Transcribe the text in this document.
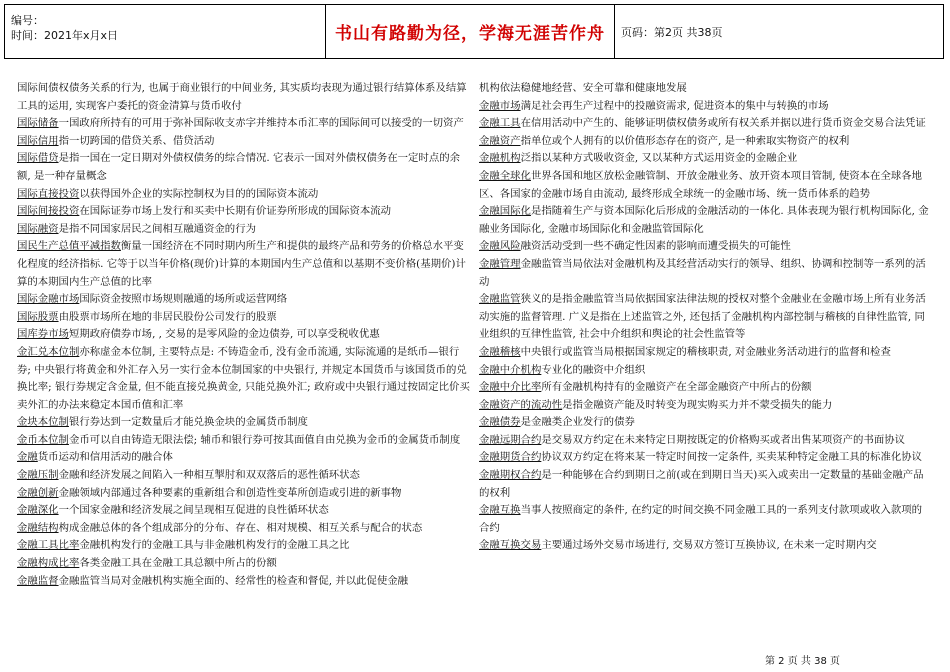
编号：
时间：2021年x月x日	书山有路勤为径，学海无涯苦作舟	页码：第2页 共38页

国际间债权债务关系的行为, 也属于商业银行的中间业务, 其实质均表现为通过银行结算体系及结算工具的运用, 实现客户委托的资金清算与货币收付

国际储备一国政府所持有的可用于弥补国际收支赤字并维持本币汇率的国际间可以接受的一切资产

国际信用指一切跨国的借贷关系、借贷活动

国际借贷是指一国在一定日期对外债权债务的综合情况. 它表示一国对外债权债务在一定时点的余额, 是一种存量概念

国际直接投资以获得国外企业的实际控制权为目的的国际资本流动

国际间接投资在国际证券市场上发行和买卖中长期有价证券所形成的国际资本流动

国际融资是指不同国家居民之间相互融通资金的行为

国民生产总值平减指数衡量一国经济在不同时期内所生产和提供的最终产品和劳务的价格总水平变化程度的经济指标. 它等于以当年价格(现价)计算的本期国内生产总值和以基期不变价格(基期价)计算的本期国内生产总值的比率

国际金融市场国际资金按照市场规则融通的场所或运营网络

国际股票由股票市场所在地的非居民股份公司发行的股票

国库券市场短期政府债券市场, , 交易的是零风险的金边债券, 可以享受税收优惠

金汇兑本位制亦称虚金本位制, 主要特点是: 不铸造金币, 没有金币流通, 实际流通的是纸币—银行券; 中央银行将黄金和外汇存入另一实行金本位制国家的中央银行, 并规定本国货币与该国货币的兑换比率; 银行券规定含金量, 但不能直接兑换黄金, 只能兑换外汇; 政府或中央银行通过按固定比价买卖外汇的办法来稳定本国币值和汇率

金块本位制银行券达到一定数量后才能兑换金块的金属货币制度

金币本位制金币可以自由铸造无限法偿; 辅币和银行券可按其面值自由兑换为金币的金属货币制度

金融货币运动和信用活动的融合体

金融压制金融和经济发展之间陷入一种相互掣肘和双双落后的恶性循环状态

金融创新金融领域内部通过各种要素的重新组合和创造性变革所创造或引进的新事物

金融深化一个国家金融和经济发展之间呈现相互促进的良性循环状态

金融结构构成金融总体的各个组成部分的分布、存在、相对规模、相互关系与配合的状态

金融工具比率金融机构发行的金融工具与非金融机构发行的金融工具之比

金融构成比率各类金融工具在金融工具总额中所占的份额

金融监督金融监管当局对金融机构实施全面的、经常性的检查和督促, 并以此促使金融

机构依法稳健地经营、安全可靠和健康地发展

金融市场满足社会再生产过程中的投融资需求, 促进资本的集中与转换的市场

金融工具在信用活动中产生的、能够证明债权债务或所有权关系并据以进行货币资金交易合法凭证

金融资产指单位或个人拥有的以价值形态存在的资产, 是一种索取实物资产的权利

金融机构泛指以某种方式吸收资金, 又以某种方式运用资金的金融企业

金融全球化世界各国和地区放松金融管制、开放金融业务、放开资本项目管制, 使资本在全球各地区、各国家的金融市场自由流动, 最终形成全球统一的金融市场、统一货币体系的趋势

金融国际化是指随着生产与资本国际化后形成的金融活动的一体化. 具体表现为银行机构国际化, 金融业务国际化, 金融市场国际化和金融监管国际化

金融风险融资活动受到一些不确定性因素的影响而遭受损失的可能性

金融管理金融监管当局依法对金融机构及其经营活动实行的领导、组织、协调和控制等一系列的活动

金融监管狭义的是指金融监管当局依据国家法律法规的授权对整个金融业在金融市场上所有业务活动实施的监督管理. 广义是指在上述监管之外, 还包括了金融机构内部控制与稽核的自律性监管, 同业组织的互律性监管, 社会中介组织和舆论的社会性监管等

金融稽核中央银行或监管当局根据国家规定的稽核职责, 对金融业务活动进行的监督和检查

金融中介机构专业化的融资中介组织

金融中介比率所有金融机构持有的金融资产在全部金融资产中所占的份额

金融资产的流动性是指金融资产能及时转变为现实购买力并不蒙受损失的能力

金融债券是金融类企业发行的债券

金融远期合约是交易双方约定在未来特定日期按既定的价格购买或者出售某项资产的书面协议

金融期货合约协议双方约定在将来某一特定时间按一定条件, 买卖某种特定金融工具的标准化协议

金融期权合约是一种能够在合约到期日之前(或在到期日当天)买入或卖出一定数量的基础金融产品的权利

金融互换当事人按照商定的条件, 在约定的时间交换不同金融工具的一系列支付款项或收入款项的合约

金融互换交易主要通过场外交易市场进行, 交易双方签订互换协议, 在未来一定时期内交

第 2 页 共 38 页
